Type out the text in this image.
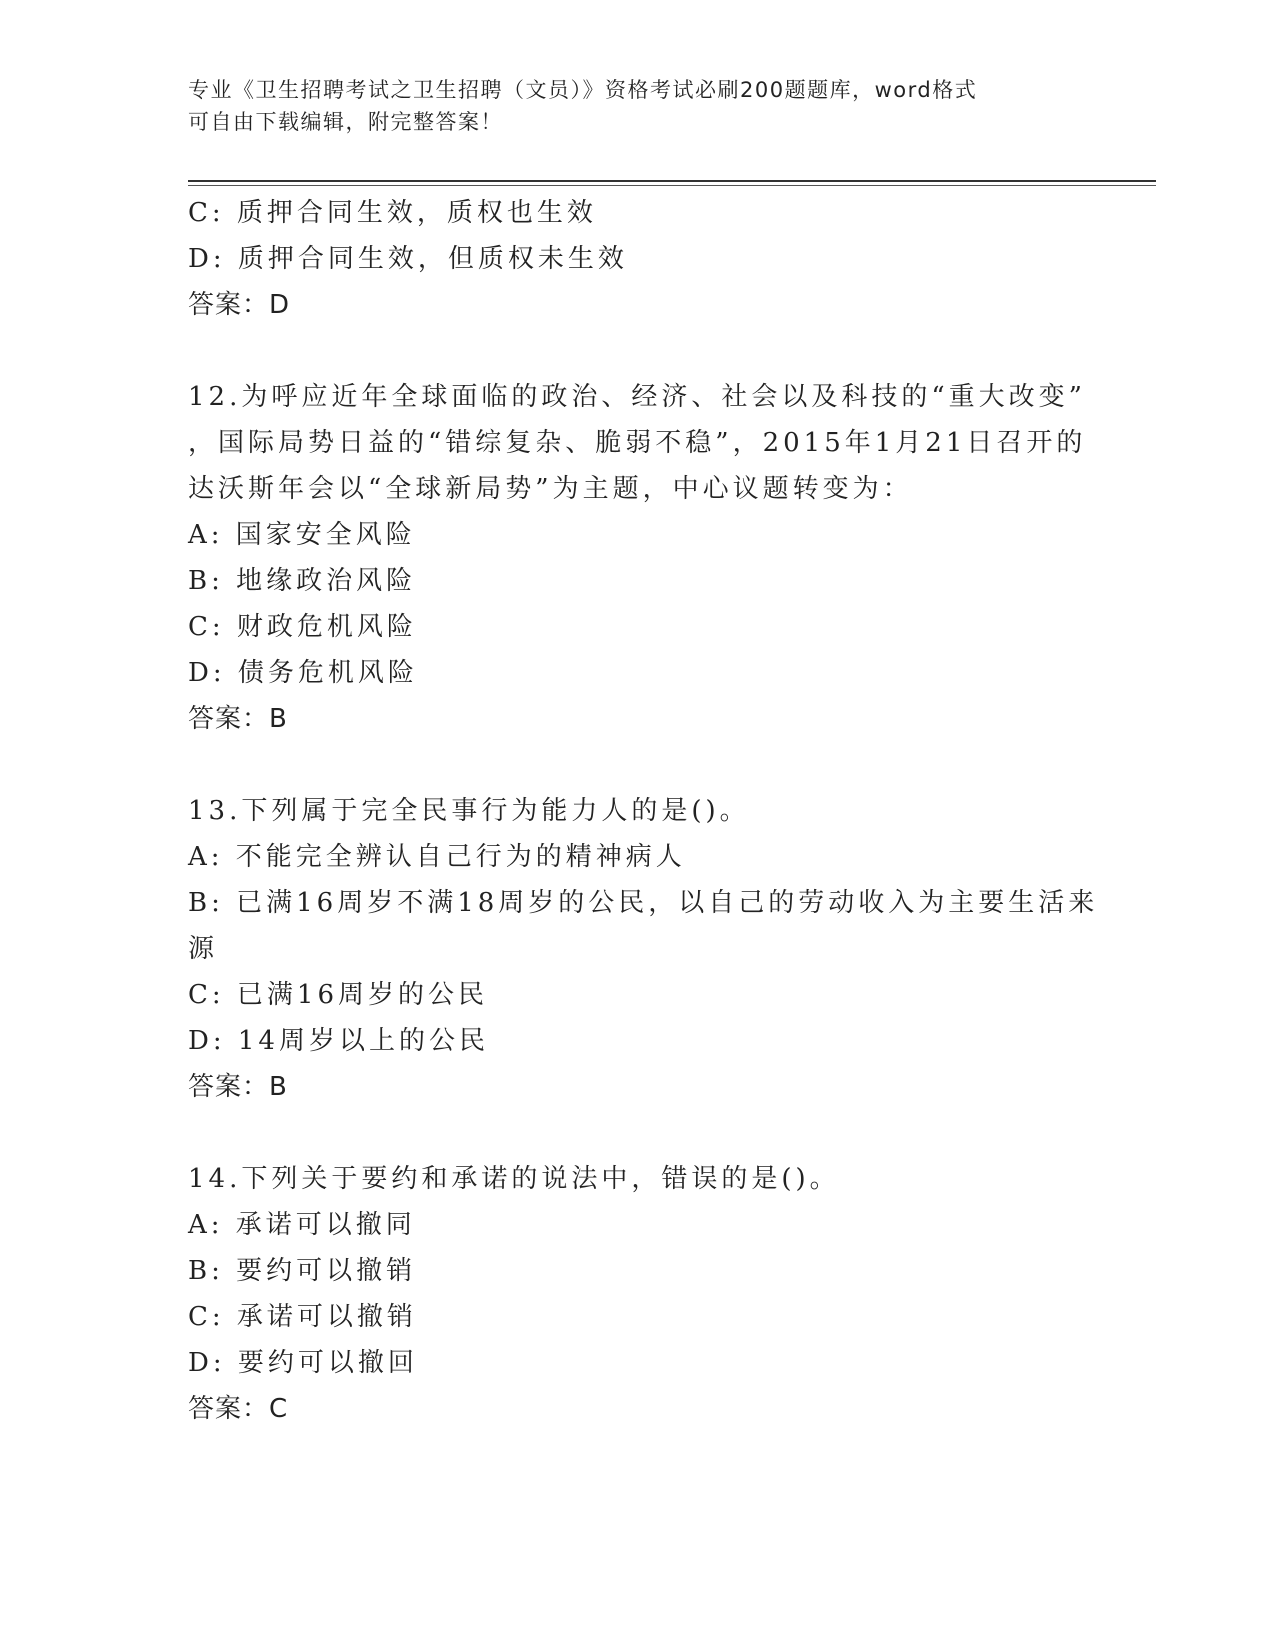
专业《卫生招聘考试之卫生招聘（文员）》资格考试必刷200题题库，word格式
可自由下载编辑，附完整答案！
C: 质押合同生效，质权也生效
D: 质押合同生效，但质权未生效
答案：D
12.为呼应近年全球面临的政治、经济、社会以及科技的“重大改变”
，国际局势日益的“错综复杂、脆弱不稳”，2015年1月21日召开的
达沃斯年会以“全球新局势”为主题，中心议题转变为：
A: 国家安全风险
B: 地缘政治风险
C: 财政危机风险
D: 债务危机风险
答案：B
13.下列属于完全民事行为能力人的是()。
A: 不能完全辨认自己行为的精神病人
B: 已满16周岁不满18周岁的公民，以自己的劳动收入为主要生活来
源
C: 已满16周岁的公民
D: 14周岁以上的公民
答案：B
14.下列关于要约和承诺的说法中，错误的是()。
A: 承诺可以撤同
B: 要约可以撤销
C: 承诺可以撤销
D: 要约可以撤回
答案：C
